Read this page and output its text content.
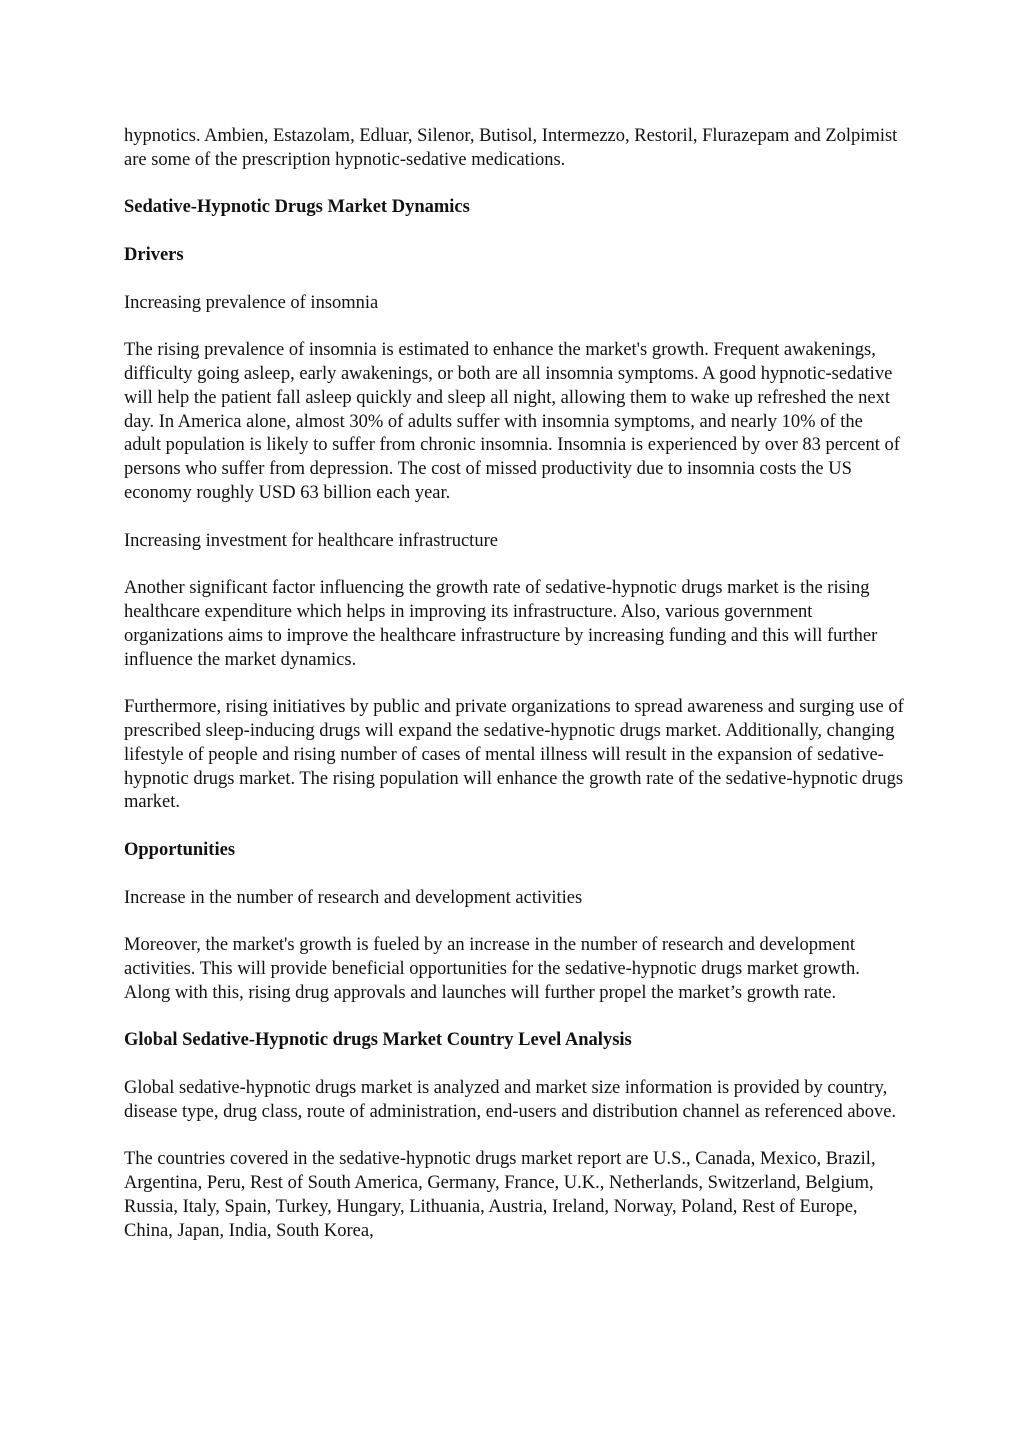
hypnotics. Ambien, Estazolam, Edluar, Silenor, Butisol, Intermezzo, Restoril, Flurazepam and Zolpimist are some of the prescription hypnotic-sedative medications.

Sedative-Hypnotic Drugs Market Dynamics
Drivers

Increasing prevalence of insomnia

The rising prevalence of insomnia is estimated to enhance the market's growth. Frequent awakenings, difficulty going asleep, early awakenings, or both are all insomnia symptoms. A good hypnotic-sedative will help the patient fall asleep quickly and sleep all night, allowing them to wake up refreshed the next day. In America alone, almost 30% of adults suffer with insomnia symptoms, and nearly 10% of the adult population is likely to suffer from chronic insomnia. Insomnia is experienced by over 83 percent of persons who suffer from depression. The cost of missed productivity due to insomnia costs the US economy roughly USD 63 billion each year.

Increasing investment for healthcare infrastructure

Another significant factor influencing the growth rate of sedative-hypnotic drugs market is the rising healthcare expenditure which helps in improving its infrastructure. Also, various government organizations aims to improve the healthcare infrastructure by increasing funding and this will further influence the market dynamics.

Furthermore, rising initiatives by public and private organizations to spread awareness and surging use of prescribed sleep-inducing drugs will expand the sedative-hypnotic drugs market. Additionally, changing lifestyle of people and rising number of cases of mental illness will result in the expansion of sedative-hypnotic drugs market. The rising population will enhance the growth rate of the sedative-hypnotic drugs market.

Opportunities

Increase in the number of research and development activities

Moreover, the market's growth is fueled by an increase in the number of research and development activities. This will provide beneficial opportunities for the sedative-hypnotic drugs market growth. Along with this, rising drug approvals and launches will further propel the market’s growth rate.

Global Sedative-Hypnotic drugs Market Country Level Analysis

Global sedative-hypnotic drugs market is analyzed and market size information is provided by country, disease type, drug class, route of administration, end-users and distribution channel as referenced above.

The countries covered in the sedative-hypnotic drugs market report are U.S., Canada, Mexico, Brazil, Argentina, Peru, Rest of South America, Germany, France, U.K., Netherlands, Switzerland, Belgium, Russia, Italy, Spain, Turkey, Hungary, Lithuania, Austria, Ireland, Norway, Poland, Rest of Europe, China, Japan, India, South Korea,
